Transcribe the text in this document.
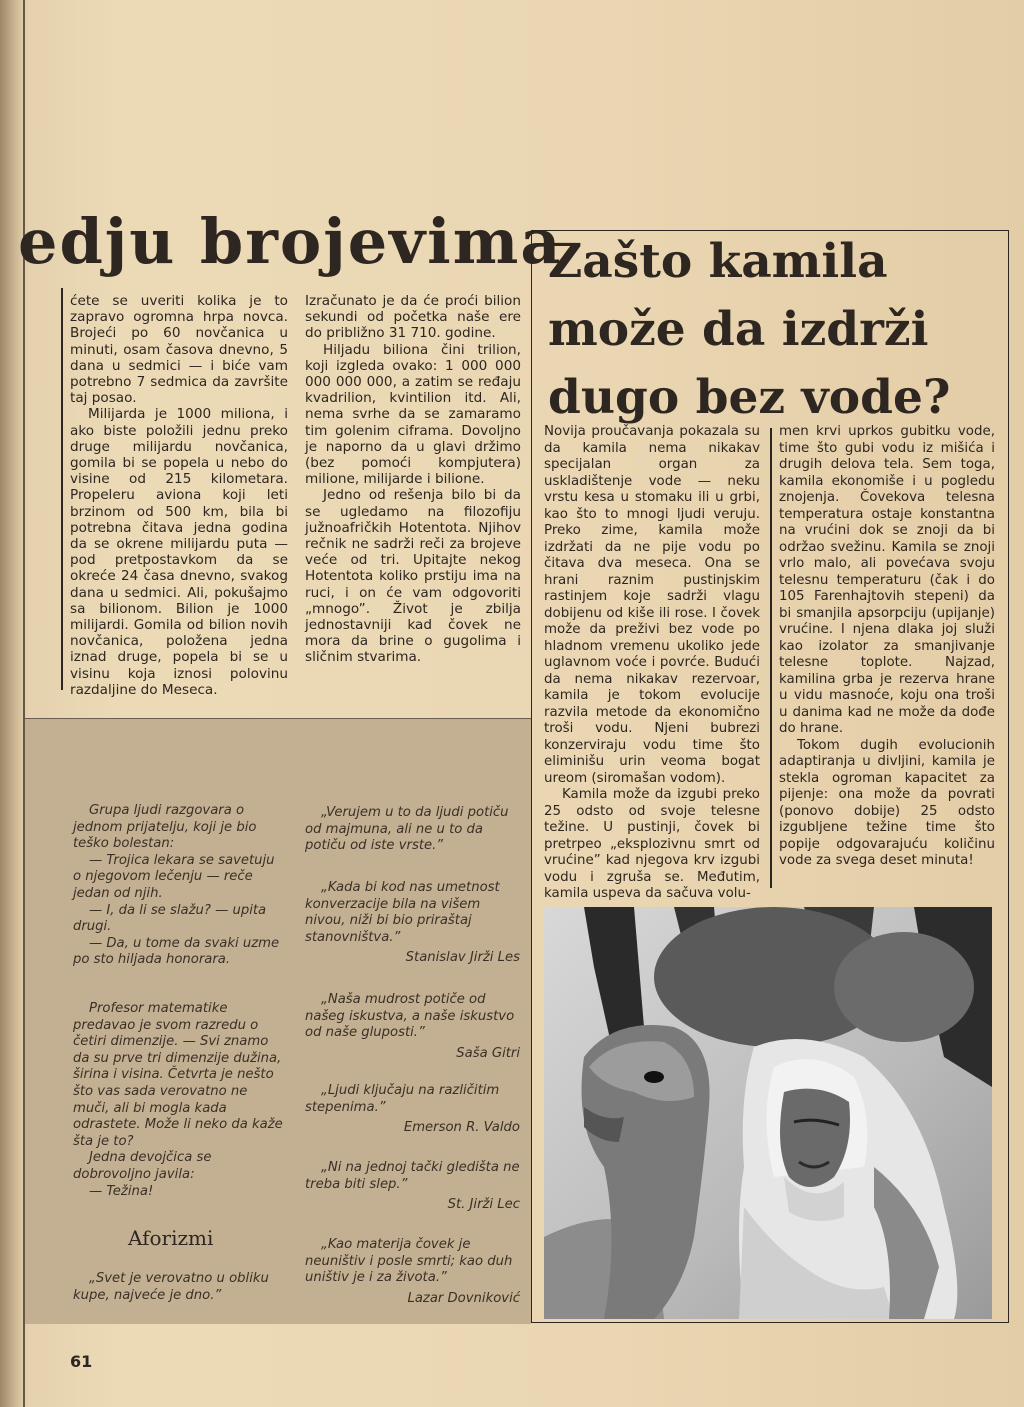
edju brojevima

ćete se uveriti kolika je to zapravo ogromna hrpa novca. Brojeći po 60 novčanica u minuti, osam časova dnevno, 5 dana u sedmici — i biće vam potrebno 7 sedmica da završite taj posao.

Milijarda je 1000 miliona, i ako biste položili jednu preko druge milijardu novčanica, gomila bi se popela u nebo do visine od 215 kilometara. Propeleru aviona koji leti brzinom od 500 km, bila bi potrebna čitava jedna godina da se okrene milijardu puta — pod pretpostavkom da se okreće 24 časa dnevno, svakog dana u sedmici. Ali, pokušajmo sa bilionom. Bilion je 1000 milijardi. Gomila od bilion novih novčanica, položena jedna iznad druge, popela bi se u visinu koja iznosi polovinu razdaljine do Meseca.

Izračunato je da će proći bilion sekundi od početka naše ere do približno 31 710. godine.

Hiljadu biliona čini trilion, koji izgleda ovako: 1 000 000 000 000 000, a zatim se ređaju kvadrilion, kvintilion itd. Ali, nema svrhe da se zamaramo tim golenim ciframa. Dovoljno je naporno da u glavi držimo (bez pomoći kompjutera) milione, milijarde i bilione.

Jedno od rešenja bilo bi da se ugledamo na filozofiju južnoafričkih Hotentota. Njihov rečnik ne sadrži reči za brojeve veće od tri. Upitajte nekog Hotentota koliko prstiju ima na ruci, i on će vam odgovoriti „mnogo”. Život je zbilja jednostavniji kad čovek ne mora da brine o gugolima i sličnim stvarima.

Zašto kamila
može da izdrži
dugo bez vode?

Novija proučavanja pokazala su da kamila nema nikakav specijalan organ za uskladištenje vode — neku vrstu kesa u stomaku ili u grbi, kao što to mnogi ljudi veruju. Preko zime, kamila može izdržati da ne pije vodu po čitava dva meseca. Ona se hrani raznim pustinjskim rastinjem koje sadrži vlagu dobijenu od kiše ili rose. I čovek može da preživi bez vode po hladnom vremenu ukoliko jede uglavnom voće i povrće. Budući da nema nikakav rezervoar, kamila je tokom evolucije razvila metode da ekonomično troši vodu. Njeni bubrezi konzerviraju vodu time što eliminišu urin veoma bogat ureom (siromašan vodom).

Kamila može da izgubi preko 25 odsto od svoje telesne težine. U pustinji, čovek bi pretrpeo „eksplozivnu smrt od vrućine” kad njegova krv izgubi vodu i zgruša se. Međutim, kamila uspeva da sačuva volu-

men krvi uprkos gubitku vode, time što gubi vodu iz mišića i drugih delova tela. Sem toga, kamila ekonomiše i u pogledu znojenja. Čovekova telesna temperatura ostaje konstantna na vrućini dok se znoji da bi održao svežinu. Kamila se znoji vrlo malo, ali povećava svoju telesnu temperaturu (čak i do 105 Farenhajtovih stepeni) da bi smanjila apsorpciju (upijanje) vrućine. I njena dlaka joj služi kao izolator za smanjivanje telesne toplote. Najzad, kamilina grba je rezerva hrane u vidu masnoće, koju ona troši u danima kad ne može da dođe do hrane.

Tokom dugih evolucionih adaptiranja u divljini, kamila je stekla ogroman kapacitet za pijenje: ona može da povrati (ponovo dobije) 25 odsto izgubljene težine time što popije odgovarajuću količinu vode za svega deset minuta!

Grupa ljudi razgovara o jednom prijatelju, koji je bio teško bolestan:

— Trojica lekara se savetuju o njegovom lečenju — reče jedan od njih.

— I, da li se slažu? — upita drugi.

— Da, u tome da svaki uzme po sto hiljada honorara.

Profesor matematike predavao je svom razredu o četiri dimenzije. — Svi znamo da su prve tri dimenzije dužina, širina i visina. Četvrta je nešto što vas sada verovatno ne muči, ali bi mogla kada odrastete. Može li neko da kaže šta je to?

Jedna devojčica se dobrovoljno javila:

— Težina!

Aforizmi

„Svet je verovatno u obliku kupe, najveće je dno.”

„Verujem u to da ljudi potiču od majmuna, ali ne u to da potiču od iste vrste.”

„Kada bi kod nas umetnost konverzacije bila na višem nivou, niži bi bio priraštaj stanovništva.”

Stanislav Jirži Les

„Naša mudrost potiče od našeg iskustva, a naše iskustvo od naše gluposti.”

Saša Gitri

„Ljudi ključaju na različitim stepenima.”

Emerson R. Valdo

„Ni na jednoj tački gledišta ne treba biti slep.”

St. Jirži Lec

„Kao materija čovek je neuništiv i posle smrti; kao duh uništiv je i za života.”

Lazar Dovniković

61
